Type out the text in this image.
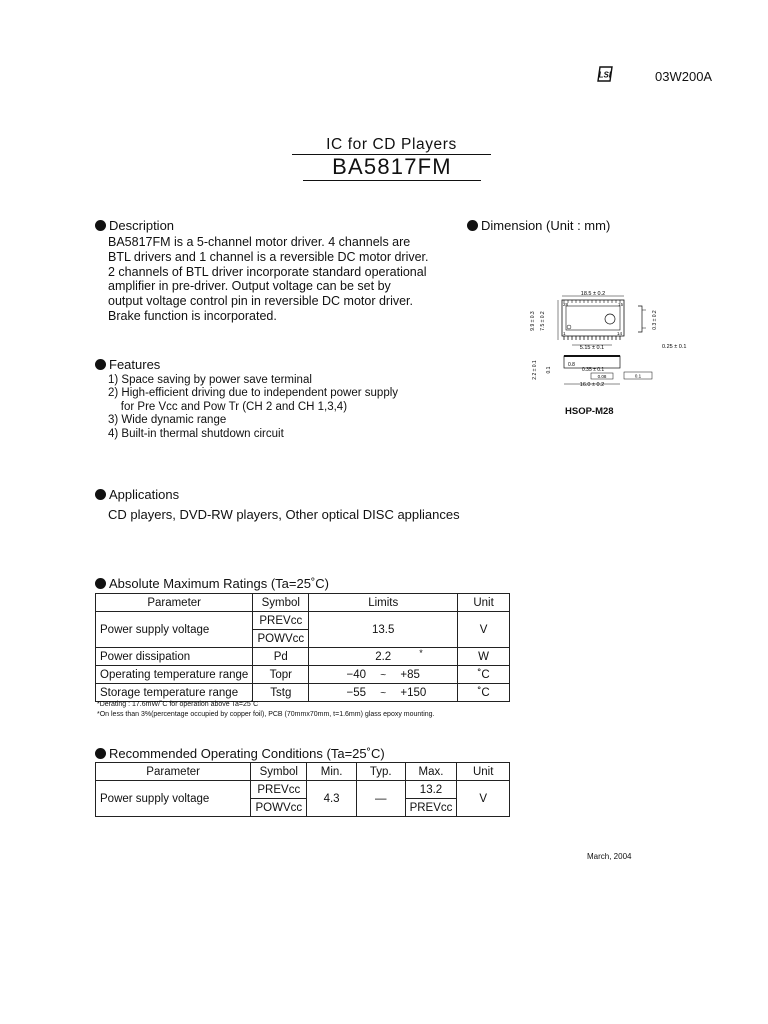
LSI	03W200A
IC for CD Players
BA5817FM
Description
BA5817FM is a 5-channel motor driver. 4 channels are
BTL drivers and 1 channel is a reversible DC motor driver.
2 channels of BTL driver incorporate standard operational
amplifier in pre-driver. Output voltage can be set by
output voltage control pin in reversible DC motor driver.
Brake function is incorporated.
Dimension (Unit : mm)
18.5 ± 0.2
28	15
1	14
9.9 ± 0.3 7.5 ± 0.2
5.15 ± 0.1
0.3 ± 0.2
0.25 ± 0.1
2.2 ± 0.1 0.1
0.8
0.35 ± 0.1
0.08
16.0 ± 0.2
0.1
HSOP-M28
Features
1) Space saving by power save terminal
2) High-efficient driving due to independent power supply
for Pre Vcc and Pow Tr (CH 2 and CH 1,3,4)
3) Wide dynamic range
4) Built-in thermal shutdown circuit
Applications
CD players, DVD-RW players, Other optical DISC appliances
Absolute Maximum Ratings (Ta=25˚C)
Parameter	Symbol	Limits	Unit
Power supply voltage	PREVcc	13.5	V
	POWVcc		
Power dissipation	Pd	2.2 *	W
Operating temperature range	Topr	−40 ~ +85	˚C
Storage temperature range	Tstg	−55 ~ +150	˚C
*Derating : 17.6mW/˚C for operation above Ta=25˚C
*On less than 3%(percentage occupied by copper foil), PCB (70mmx70mm, t=1.6mm) glass epoxy mounting.
Recommended Operating Conditions (Ta=25˚C)
Parameter	Symbol	Min.	Typ.	Max.	Unit
Power supply voltage	PREVcc	4.3	—	13.2	V
	POWVcc			PREVcc	
March, 2004
